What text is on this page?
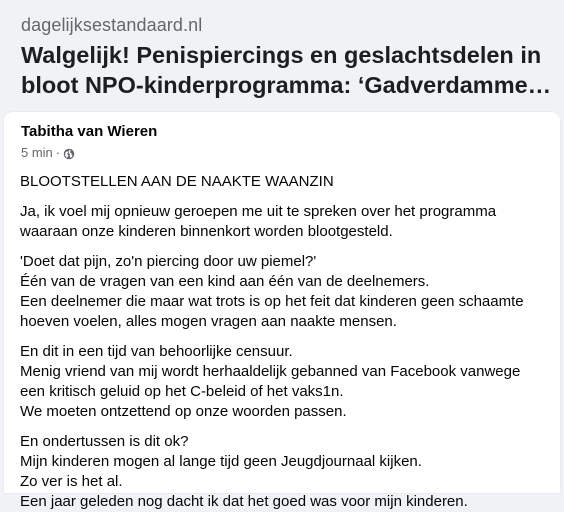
dagelijksestandaard.nl
Walgelijk! Penispiercings en geslachtsdelen in
bloot NPO-kinderprogramma: ‘Gadverdamme…
Tabitha van Wieren
5 min ·
BLOOTSTELLEN AAN DE NAAKTE WAANZIN
Ja, ik voel mij opnieuw geroepen me uit te spreken over het programma
waaraan onze kinderen binnenkort worden blootgesteld.
'Doet dat pijn, zo'n piercing door uw piemel?'
Één van de vragen van een kind aan één van de deelnemers.
Een deelnemer die maar wat trots is op het feit dat kinderen geen schaamte
hoeven voelen, alles mogen vragen aan naakte mensen.
En dit in een tijd van behoorlijke censuur.
Menig vriend van mij wordt herhaaldelijk gebanned van Facebook vanwege
een kritisch geluid op het C-beleid of het vaks1n.
We moeten ontzettend op onze woorden passen.
En ondertussen is dit ok?
Mijn kinderen mogen al lange tijd geen Jeugdjournaal kijken.
Zo ver is het al.
Een jaar geleden nog dacht ik dat het goed was voor mijn kinderen.
